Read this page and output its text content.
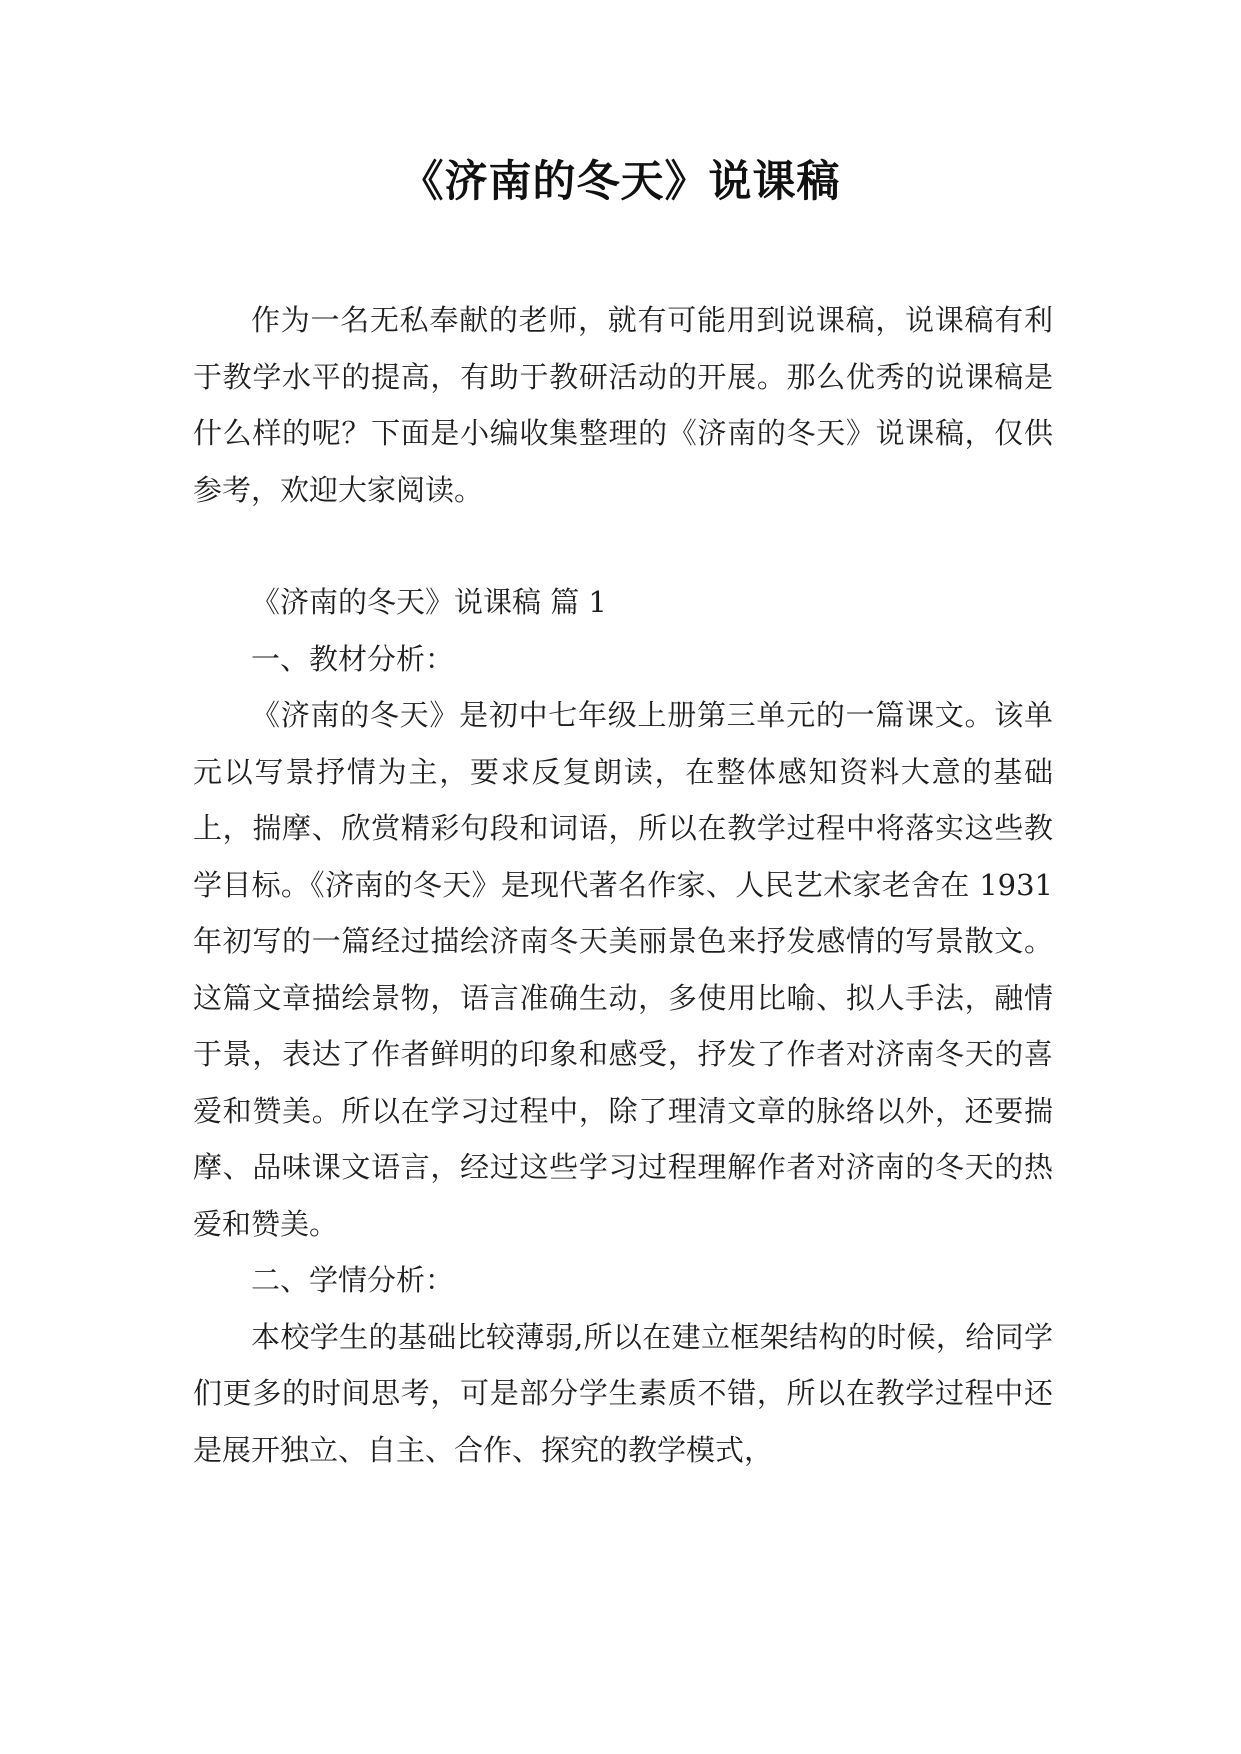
《济南的冬天》说课稿

作为一名无私奉献的老师，就有可能用到说课稿，说课稿有利于教学水平的提高，有助于教研活动的开展。那么优秀的说课稿是什么样的呢？下面是小编收集整理的《济南的冬天》说课稿，仅供参考，欢迎大家阅读。

《济南的冬天》说课稿 篇 1

一、教材分析：

《济南的冬天》是初中七年级上册第三单元的一篇课文。该单元以写景抒情为主，要求反复朗读，在整体感知资料大意的基础上，揣摩、欣赏精彩句段和词语，所以在教学过程中将落实这些教学目标。《济南的冬天》是现代著名作家、人民艺术家老舍在 1931 年初写的一篇经过描绘济南冬天美丽景色来抒发感情的写景散文。这篇文章描绘景物，语言准确生动，多使用比喻、拟人手法，融情于景，表达了作者鲜明的印象和感受，抒发了作者对济南冬天的喜爱和赞美。所以在学习过程中，除了理清文章的脉络以外，还要揣摩、品味课文语言，经过这些学习过程理解作者对济南的冬天的热爱和赞美。

二、学情分析：

本校学生的基础比较薄弱,所以在建立框架结构的时候，给同学们更多的时间思考，可是部分学生素质不错，所以在教学过程中还是展开独立、自主、合作、探究的教学模式，
